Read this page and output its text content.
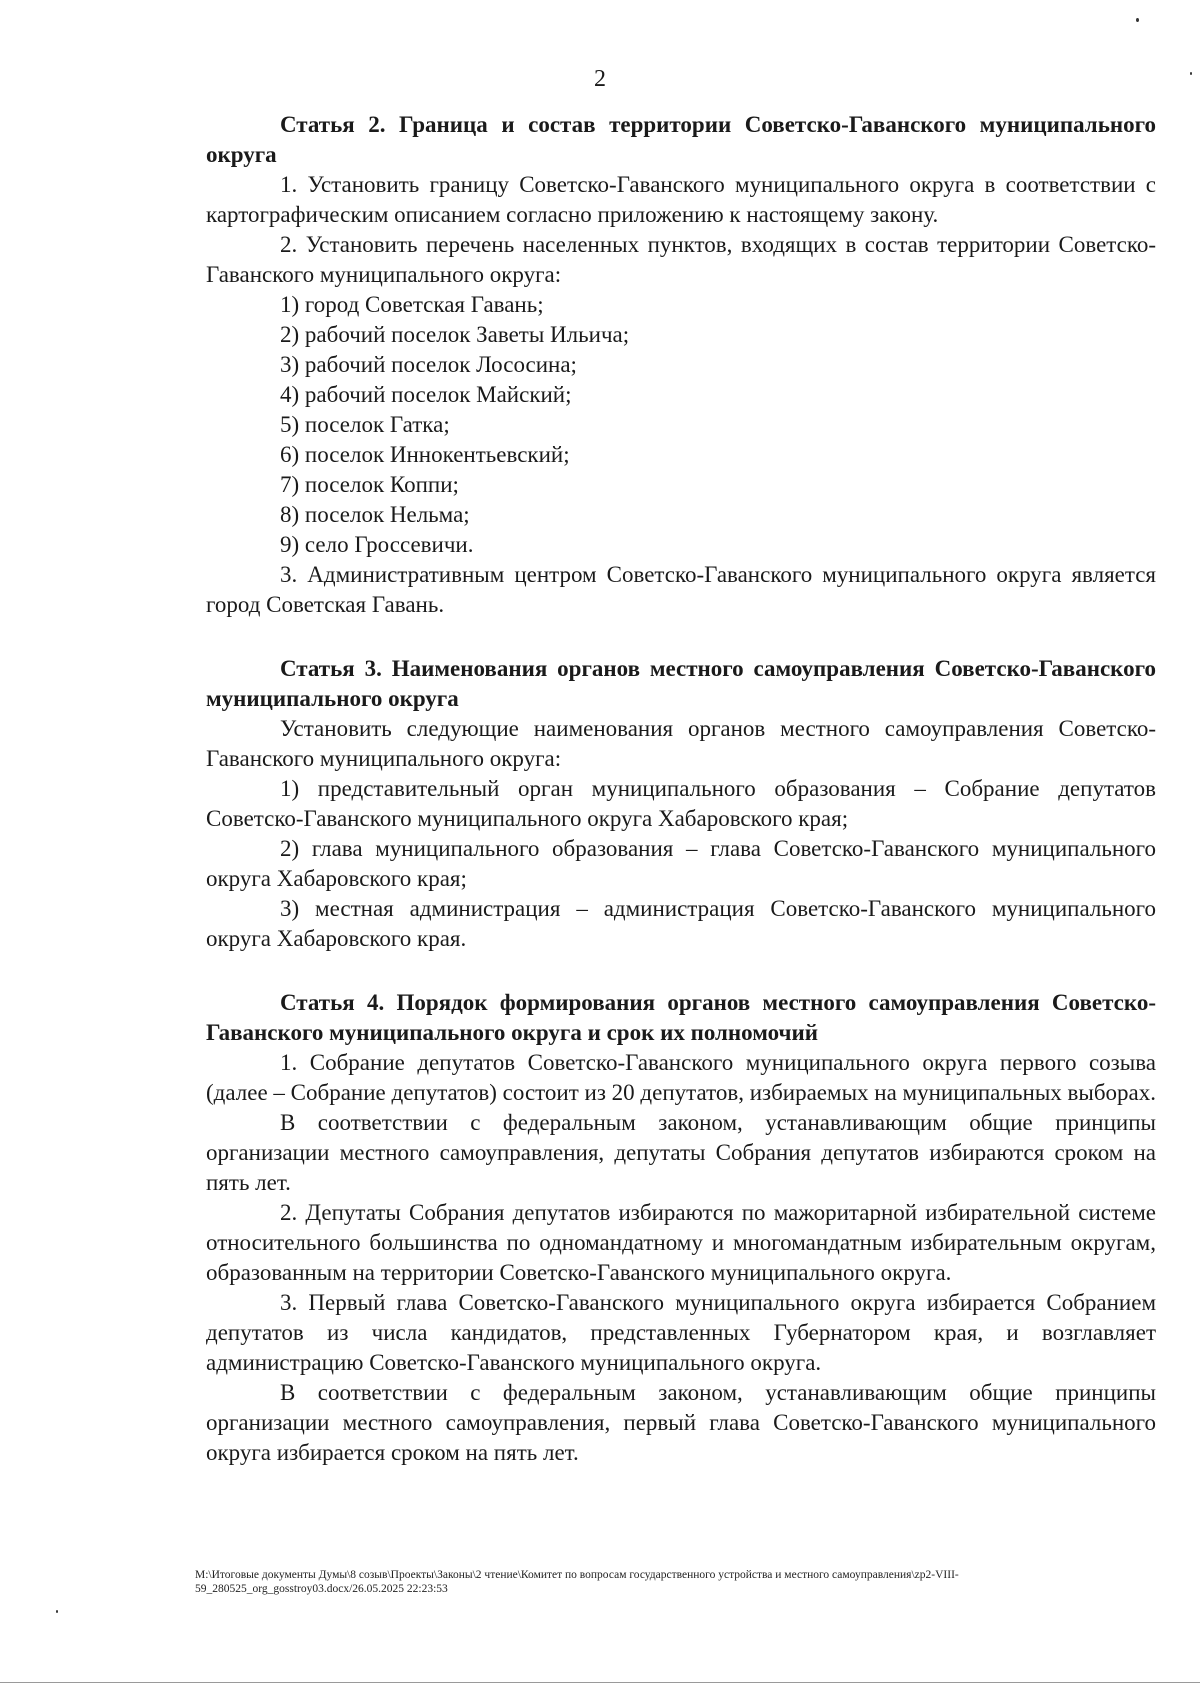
2

Статья 2. Граница и состав территории Советско-Гаванского муниципального округа

1. Установить границу Советско-Гаванского муниципального округа в соответствии с картографическим описанием согласно приложению к настоящему закону.

2. Установить перечень населенных пунктов, входящих в состав территории Советско-Гаванского муниципального округа:

1) город Советская Гавань;

2) рабочий поселок Заветы Ильича;

3) рабочий поселок Лососина;

4) рабочий поселок Майский;

5) поселок Гатка;

6) поселок Иннокентьевский;

7) поселок Коппи;

8) поселок Нельма;

9) село Гроссевичи.

3. Административным центром Советско-Гаванского муниципального округа является город Советская Гавань.

Статья 3. Наименования органов местного самоуправления Советско-Гаванского муниципального округа

Установить следующие наименования органов местного самоуправления Советско-Гаванского муниципального округа:

1) представительный орган муниципального образования – Собрание депутатов Советско-Гаванского муниципального округа Хабаровского края;

2) глава муниципального образования – глава Советско-Гаванского муниципального округа Хабаровского края;

3) местная администрация – администрация Советско-Гаванского муниципального округа Хабаровского края.

Статья 4. Порядок формирования органов местного самоуправления Советско-Гаванского муниципального округа и срок их полномочий

1. Собрание депутатов Советско-Гаванского муниципального округа первого созыва (далее – Собрание депутатов) состоит из 20 депутатов, избираемых на муниципальных выборах.

В соответствии с федеральным законом, устанавливающим общие принципы организации местного самоуправления, депутаты Собрания депутатов избираются сроком на пять лет.

2. Депутаты Собрания депутатов избираются по мажоритарной избирательной системе относительного большинства по одномандатному и многомандатным избирательным округам, образованным на территории Советско-Гаванского муниципального округа.

3. Первый глава Советско-Гаванского муниципального округа избирается Собранием депутатов из числа кандидатов, представленных Губернатором края, и возглавляет администрацию Советско-Гаванского муниципального округа.

В соответствии с федеральным законом, устанавливающим общие принципы организации местного самоуправления, первый глава Советско-Гаванского муниципального округа избирается сроком на пять лет.

M:\Итоговые документы Думы\8 созыв\Проекты\Законы\2 чтение\Комитет по вопросам государственного устройства и местного самоуправления\zp2-VIII-59_280525_org_gosstroy03.docx/26.05.2025 22:23:53
